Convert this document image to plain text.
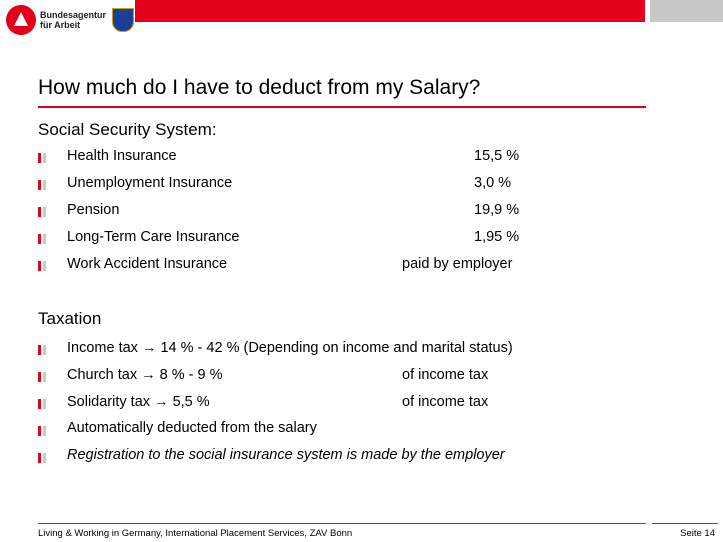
Bundesagentur
für Arbeit
How much do I have to deduct from my Salary?
Social Security System:
Health Insurance	15,5 %
Unemployment Insurance	3,0 %
Pension	19,9 %
Long-Term Care Insurance	1,95 %
Work Accident Insurance	paid by employer
Taxation
Income tax → 14 % - 42 % (Depending on income and marital status)
Church tax → 8 % - 9 %	of income tax
Solidarity tax → 5,5 %	of income tax
Automatically deducted from the salary
Registration to the social insurance system is made by the employer
Living & Working in Germany, International Placement Services, ZAV Bonn	Seite 14
